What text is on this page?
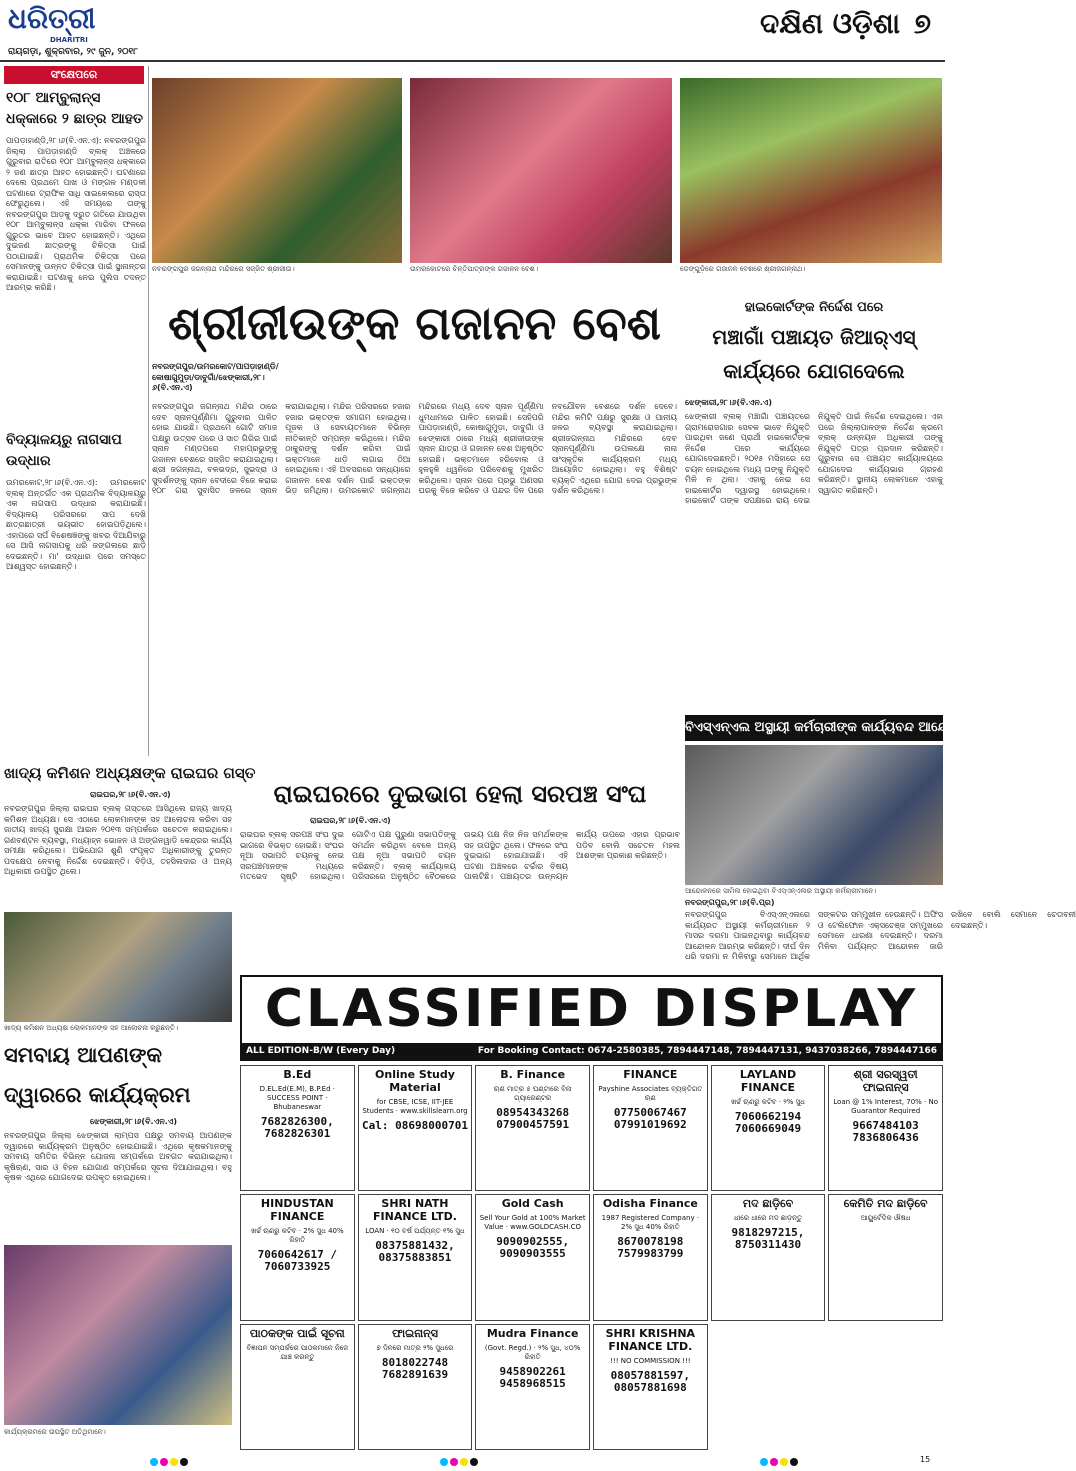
ଧରିତ୍ରୀ
DHARITRI
ରାୟଗଡ଼ା, ଶୁକ୍ରବାର, ୨୯ ଜୁନ, ୨୦୧୮
ଦକ୍ଷିଣ ଓଡ଼ିଶା ୭
ସଂକ୍ଷେପରେ
୧୦୮ ଆମ୍ବୁଲାନ୍ସ ଧକ୍କାରେ ୨ ଛାତ୍ର ଆହତ
ପାପଡ଼ାହାଣ୍ଡି,୨୮।୬(ବି.ଏନ.ଏ): ନବରଙ୍ଗପୁର ଜିଲ୍ଲା ପାପଡ଼ାହାଣ୍ଡି ବ୍ଲକ୍ ଅଞ୍ଚଳରେ ଗୁରୁବାର ରାତିରେ ୧୦୮ ଆମ୍ବୁଲାନ୍ସ ଧକ୍କାରେ ୨ ଜଣ ଛାତ୍ର ଆହତ ହୋଇଛନ୍ତି। ଘଟଣାରେ ଦେଲେ ପ୍ରଥମେ ପାଖ ଓ ମଙ୍ଗଳ ମଣ୍ଡଳୀ ଘଟଣାରେ ଟ୍ରାଫିକ ସାଧି ସାଇକେଲରେ ରାସ୍ତା ଫେରୁଥିଲେ। ଏହି ସମୟରେ ତାଙ୍କୁ ନବରଙ୍ଗପୁର ଆଡ଼କୁ ଦ୍ରୁତ ଗତିରେ ଯାଉଥିବା ୧୦୮ ଆମ୍ବୁଲାନ୍ସ ଧକ୍କା ମାରିବା ଫଳରେ ଗୁରୁତର ଭାବେ ଆହତ ହୋଇଛନ୍ତି। ଏଥିରେ ଦୁଇଜଣ ଛାତ୍ରଙ୍କୁ ଚିକିତ୍ସା ପାଇଁ ପଠାଯାଇଛି। ପ୍ରାଥମିକ ଚିକିତ୍ସା ପରେ ସେମାନଙ୍କୁ ଉନ୍ନତ ଚିକିତ୍ସା ପାଇଁ ସ୍ଥାନାନ୍ତର କରାଯାଇଛି। ଘଟଣାକୁ ନେଇ ପୁଲିସ ତଦନ୍ତ ଆରମ୍ଭ କରିଛି।
ବିଦ୍ୟାଳୟରୁ ନାଗସାପ ଉଦ୍ଧାର
ଉମରକୋଟ,୨୮।୬(ବି.ଏନ.ଏ): ଉମରକୋଟ ବ୍ଲକ୍ ଅନ୍ତର୍ଗତ ଏକ ପ୍ରାଥମିକ ବିଦ୍ୟାଳୟରୁ ଏକ ନାଗସାପ ଉଦ୍ଧାର କରାଯାଇଛି। ବିଦ୍ୟାଳୟ ପରିସରରେ ସାପ ଦେଖି ଛାତ୍ରଛାତ୍ରୀ ଭୟଭୀତ ହୋଇପଡ଼ିଥିଲେ। ଏହାପରେ ସର୍ପ ବିଶେଷଜ୍ଞଙ୍କୁ ଖବର ଦିଆଯିବାରୁ ସେ ଆସି ନାଗସାପକୁ ଧରି ଜଙ୍ଗଲରେ ଛାଡ଼ି ଦେଇଛନ୍ତି। ମା' ଉଦ୍ଧାର ପରେ ସମସ୍ତେ ଆଶ୍ୱସ୍ତ ହୋଇଛନ୍ତି।
ନବରଙ୍ଗପୁର ଜଗନ୍ନାଥ ମନ୍ଦିରରେ ସଜ୍ଜିତ ଶ୍ରୀଜୀଉ।	ଉମରକୋଟରେ ଚିନ୍ତିପାତ୍ରଙ୍କ ଗଜାନନ ବେଶ।	ଡେଙ୍ଗୁଡ଼ିରେ ଗଜାନନ ବେଶରେ ଶ୍ରୀଜଗନ୍ନାଥ।
ଶ୍ରୀଜୀଉଙ୍କ ଗଜାନନ ବେଶ
ନବରଙ୍ଗପୁର/ଉମରକୋଟ/ପାପଡ଼ାହାଣ୍ଡି/କୋଷାଗୁମୁଡ଼ା/ଡାବୁଗାଁ/ଝେଙ୍କାରୀ,୨୮।୬(ବି.ଏନ.ଏ)
ନବରଙ୍ଗପୁର ଜଗନ୍ନାଥ ମନ୍ଦିର ଠାରେ ଦେବ ସ୍ନାନପୂର୍ଣ୍ଣିମା ଗୁରୁବାର ପାଳିତ ହୋଇ ଯାଇଛି। ପ୍ରଥମେ ଗୋଟି ସମାଜ ପକ୍ଷରୁ ଉତ୍ସବ ପରେ ଓ ସାତ ଗିରିର ପାଇଁ ସ୍ନାନ ମଣ୍ଡପରେ ମହାପ୍ରଭୁଙ୍କୁ ଗଜାନନ ବେଶରେ ସଜ୍ଜିତ କରାଯାଇଥିଲା। ଶ୍ରୀ ଜଗନ୍ନାଥ, ବଳଭଦ୍ର, ସୁଭଦ୍ରା ଓ ସୁଦର୍ଶନଙ୍କୁ ସ୍ନାନ ବେଦୀରେ ବିଜେ କରାଇ ୧୦୮ ଗରା ସୁବାସିତ ଜଳରେ ସ୍ନାନ କରାଯାଇଥିଲା। ମନ୍ଦିର ପରିସରରେ ହଜାର ହଜାର ଭକ୍ତଙ୍କ ସମାଗମ ହୋଇଥିଲା। ପୂଜକ ଓ ସେବାୟତମାନେ ବିଭିନ୍ନ ନୀତିକାନ୍ତି ସମ୍ପନ୍ନ କରିଥିଲେ। ମନ୍ଦିର ଠାକୁରଙ୍କୁ ଦର୍ଶନ କରିବା ପାଇଁ ଭକ୍ତମାନେ ଧାଡ଼ି ଲଗାଇ ଠିଆ ହୋଇଥିଲେ। ଏହି ଅବସରରେ ସନ୍ଧ୍ୟାରେ ଗଜାନନ ବେଶ ଦର୍ଶନ ପାଇଁ ଭକ୍ତଙ୍କ ଭିଡ଼ ଜମିଥିଲା। ଉମରକୋଟ ଜଗନ୍ନାଥ ମନ୍ଦିରରେ ମଧ୍ୟ ଦେବ ସ୍ନାନ ପୂର୍ଣ୍ଣିମା ଧୁମଧାମରେ ପାଳିତ ହୋଇଛି। ସେହିପରି ପାପଡ଼ାହାଣ୍ଡି, କୋଷାଗୁମୁଡ଼ା, ଡାବୁଗାଁ ଓ ଝେଙ୍କାରୀ ଠାରେ ମଧ୍ୟ ଶ୍ରୀଜୀଉଙ୍କ ସ୍ନାନ ଯାତ୍ରା ଓ ଗଜାନନ ବେଶ ଅନୁଷ୍ଠିତ ହୋଇଛି। ଭକ୍ତମାନେ ହରିବୋଲ ଓ ହୁଳହୁଳି ଧ୍ୱନିରେ ପରିବେଶକୁ ମୁଖରିତ କରିଥିଲେ। ସ୍ନାନ ପରେ ପ୍ରଭୁ ଅଣସର ଘରକୁ ବିଜେ କରିବେ ଓ ପନ୍ଦର ଦିନ ପରେ ନବଯୌବନ ବେଶରେ ଦର୍ଶନ ଦେବେ। ମନ୍ଦିର କମିଟି ପକ୍ଷରୁ ସୁରକ୍ଷା ଓ ପାନୀୟ ଜଳର ବ୍ୟବସ୍ଥା କରାଯାଇଥିଲା। ଶ୍ରୀଜଗନ୍ନାଥ ମନ୍ଦିରରେ ଦେବ ସ୍ନାନପୂର୍ଣ୍ଣିମା ଉପଲକ୍ଷେ ନାନା ସାଂସ୍କୃତିକ କାର୍ଯ୍ୟକ୍ରମ ମଧ୍ୟ ଆୟୋଜିତ ହୋଇଥିଲା। ବହୁ ବିଶିଷ୍ଟ ବ୍ୟକ୍ତି ଏଥିରେ ଯୋଗ ଦେଇ ପ୍ରଭୁଙ୍କ ଦର୍ଶନ କରିଥିଲେ।
ହାଇକୋର୍ଟଙ୍କ ନିର୍ଦ୍ଦେଶ ପରେ
ମଞ୍ଚାଗାଁ ପଞ୍ଚାୟତ ଜିଆର୍‌ଏସ୍ କାର୍ଯ୍ୟରେ ଯୋଗଦେଲେ
ଝେଙ୍କାରୀ,୨୮।୬(ବି.ଏନ.ଏ)
ଝେଙ୍କାରୀ ବ୍ଲକ୍ ମଞ୍ଚାଗାଁ ପଞ୍ଚାୟତରେ ଗ୍ରାମରୋଜଗାର ସେବକ ଭାବେ ନିଯୁକ୍ତି ପାଇଥିବା ଜଣେ ପ୍ରାର୍ଥୀ ହାଇକୋର୍ଟଙ୍କ ନିର୍ଦ୍ଦେଶ ପରେ କାର୍ଯ୍ୟରେ ଯୋଗଦେଇଛନ୍ତି। ୨୦୧୫ ମସିହାରେ ସେ ଚୟନ ହୋଇଥିଲେ ମଧ୍ୟ ତାଙ୍କୁ ନିଯୁକ୍ତି ମିଳି ନ ଥିଲା। ଏହାକୁ ନେଇ ସେ ହାଇକୋର୍ଟର ଦ୍ୱାରସ୍ଥ ହୋଇଥିଲେ। ହାଇକୋର୍ଟ ତାଙ୍କ ସପକ୍ଷରେ ରାୟ ଦେଇ ନିଯୁକ୍ତି ପାଇଁ ନିର୍ଦ୍ଦେଶ ଦେଇଥିଲେ। ଏହା ପରେ ଜିଲ୍ଲାପାଳଙ୍କ ନିର୍ଦ୍ଦେଶ କ୍ରମେ ବ୍ଲକ୍ ଉନ୍ନୟନ ଅଧିକାରୀ ତାଙ୍କୁ ନିଯୁକ୍ତି ପତ୍ର ପ୍ରଦାନ କରିଛନ୍ତି। ଗୁରୁବାର ସେ ପଞ୍ଚାୟତ କାର୍ଯ୍ୟାଳୟରେ ଯୋଗଦେଇ କାର୍ଯ୍ୟଭାର ଗ୍ରହଣ କରିଛନ୍ତି। ସ୍ଥାନୀୟ ଲୋକମାନେ ଏହାକୁ ସ୍ୱାଗତ କରିଛନ୍ତି।
ବିଏସ୍‌ଏନ୍‌ଏଲ ଅସ୍ଥାୟୀ କର୍ମଚାରୀଙ୍କ କାର୍ଯ୍ୟବନ୍ଦ ଆନ୍ଦୋଳନ
ଆନ୍ଦୋଳନରେ ସାମିଲ ହୋଇଥିବା ବିଏସ୍‌ଏନ୍‌ଏଲର ଅସ୍ଥାୟୀ କର୍ମଚାରୀମାନେ।
ନବରଙ୍ଗପୁର,୨୮।୬(ବି.ପ୍ର)
ନବରଙ୍ଗପୁର ବିଏସ୍‌ଏନ୍‌ଏଲରେ କାର୍ଯ୍ୟରତ ଅସ୍ଥାୟୀ କର୍ମଚାରୀମାନେ ୨ ମାସର ଦରମା ପାଇନଥିବାରୁ କାର୍ଯ୍ୟବନ୍ଦ ଆନ୍ଦୋଳନ ଆରମ୍ଭ କରିଛନ୍ତି। ଦୀର୍ଘ ଦିନ ଧରି ଦରମା ନ ମିଳିବାରୁ ସେମାନେ ଆର୍ଥିକ ସଙ୍କଟର ସମ୍ମୁଖୀନ ହେଉଛନ୍ତି। ଅଫିସ ଓ ଟେଲିଫୋନ ଏକ୍ସଚେଞ୍ଜ ସମ୍ମୁଖରେ ସେମାନେ ଧାରଣା ଦେଇଛନ୍ତି। ଦରମା ମିଳିବା ପର୍ଯ୍ୟନ୍ତ ଆନ୍ଦୋଳନ ଜାରି ରଖିବେ ବୋଲି ସେମାନେ ଚେତାବନୀ ଦେଇଛନ୍ତି।
ଖାଦ୍ୟ କମିଶନ ଅଧ୍ୟକ୍ଷଙ୍କ ରାଇଘର ଗସ୍ତ
ରାଇଘର,୨୮।୬(ବି.ଏନ.ଏ)
ନବରଙ୍ଗପୁର ଜିଲ୍ଲା ରାଇଘର ବ୍ଲକ୍ ଗସ୍ତରେ ଆସିଥିଲେ ରାଜ୍ୟ ଖାଦ୍ୟ କମିଶନ ଅଧ୍ୟକ୍ଷ। ସେ ଏଠାରେ ଲୋକମାନଙ୍କ ସହ ଆଲୋଚନା କରିବା ସହ ଜାତୀୟ ଖାଦ୍ୟ ସୁରକ୍ଷା ଆଇନ ୨୦୧୩ ସମ୍ପର୍କରେ ସଚେତନ କରାଇଥିଲେ। ଗଣବଣ୍ଟନ ବ୍ୟବସ୍ଥା, ମଧ୍ୟାହ୍ନ ଭୋଜନ ଓ ଅଙ୍ଗନୱାଡ଼ି କେନ୍ଦ୍ରର କାର୍ଯ୍ୟ ସମୀକ୍ଷା କରିଥିଲେ। ଅଭିଯୋଗ ଶୁଣି ସଂପୃକ୍ତ ଅଧିକାରୀଙ୍କୁ ତୁରନ୍ତ ପଦକ୍ଷେପ ନେବାକୁ ନିର୍ଦ୍ଦେଶ ଦେଇଛନ୍ତି। ବିଡ଼ିଓ, ତହସିଲଦାର ଓ ଅନ୍ୟ ଅଧିକାରୀ ଉପସ୍ଥିତ ଥିଲେ।
ଖାଦ୍ୟ କମିଶନ ଅଧ୍ୟକ୍ଷ ଲୋକମାନଙ୍କ ସହ ଆଲୋଚନା କରୁଛନ୍ତି।
ରାଇଘରରେ ଦୁଇଭାଗ ହେଲା ସରପଞ୍ଚ ସଂଘ
ରାଇଘର,୨୮।୬(ବି.ଏନ.ଏ)
ରାଇଘର ବ୍ଲକ୍ ସରପଞ୍ଚ ସଂଘ ଦୁଇ ଭାଗରେ ବିଭକ୍ତ ହୋଇଛି। ସଂଘର ନୂଆ ସଭାପତି ଚୟନକୁ ନେଇ ସରପଞ୍ଚମାନଙ୍କ ମଧ୍ୟରେ ମତଭେଦ ସୃଷ୍ଟି ହୋଇଥିଲା। ଗୋଟିଏ ପକ୍ଷ ପୁରୁଣା ସଭାପତିଙ୍କୁ ସମର୍ଥନ କରିଥିବା ବେଳେ ଅନ୍ୟ ପକ୍ଷ ନୂଆ ସଭାପତି ଚୟନ କରିଛନ୍ତି। ବ୍ଲକ୍ କାର୍ଯ୍ୟାଳୟ ପରିସରରେ ଅନୁଷ୍ଠିତ ବୈଠକରେ ଉଭୟ ପକ୍ଷ ନିଜ ନିଜ ସମର୍ଥକଙ୍କ ସହ ଉପସ୍ଥିତ ଥିଲେ। ଫଳରେ ସଂଘ ଦୁଇଭାଗ ହୋଇଯାଇଛି। ଏହି ଘଟଣା ଅଞ୍ଚଳରେ ଚର୍ଚ୍ଚାର ବିଷୟ ପାଲଟିଛି। ପଞ୍ଚାୟତର ଉନ୍ନୟନ କାର୍ଯ୍ୟ ଉପରେ ଏହାର ପ୍ରଭାବ ପଡ଼ିବ ବୋଲି ସଚେତନ ମହଲ ଆଶଙ୍କା ପ୍ରକାଶ କରିଛନ୍ତି।
ସମବାୟ ଆପଣଙ୍କ ଦ୍ୱାରରେ କାର୍ଯ୍ୟକ୍ରମ
ଝେଙ୍କାରୀ,୨୮।୬(ବି.ଏନ.ଏ)
ନବରଙ୍ଗପୁର ଜିଲ୍ଲା ଝେଙ୍କାରୀ ଲାମ୍ପସ ପକ୍ଷରୁ ସମବାୟ ଆପଣଙ୍କ ଦ୍ୱାରରେ କାର୍ଯ୍ୟକ୍ରମ ଅନୁଷ୍ଠିତ ହୋଇଯାଇଛି। ଏଥିରେ କୃଷକମାନଙ୍କୁ ସମବାୟ ସମିତିର ବିଭିନ୍ନ ଯୋଜନା ସମ୍ପର୍କରେ ଅବଗତ କରାଯାଇଥିଲା। କୃଷିଋଣ, ସାର ଓ ବିହନ ଯୋଗାଣ ସମ୍ପର୍କରେ ସୂଚନା ଦିଆଯାଇଥିଲା। ବହୁ କୃଷକ ଏଥିରେ ଯୋଗଦେଇ ଉପକୃତ ହୋଇଥିଲେ।
କାର୍ଯ୍ୟକ୍ରମରେ ଉପସ୍ଥିତ ଅତିଥିମାନେ।
CLASSIFIED DISPLAY
ALL EDITION-B/W (Every Day)	For Booking Contact: 0674-2580385, 7894447148, 7894447131, 9437038266, 7894447166
B.Ed
D.EL.Ed(E.M), B.P.Ed · SUCCESS POINT · Bhubaneswar
7682826300, 7682826301
Online Study Material
for CBSE, ICSE, IIT-JEE Students · www.skillslearn.org
Cal: 08698000701
B. Finance
ଋଣ ମାତ୍ର ୫ ଘଣ୍ଟାରେ ବିନା ଗ୍ୟାରେଣ୍ଟର
08954343268 07900457591
FINANCE
Payshine Associates ବ୍ୟକ୍ତିଗତ ଋଣ
07750067467 07991019692
LAYLAND FINANCE
ଖର୍ଚ୍ଚ ଋଣରୁ କଟିବ · ୨% ସୁଧ
7060662194 7060669049
ଶ୍ରୀ ସରସ୍ୱତୀ ଫାଇନାନ୍ସ
Loan @ 1% Interest, 70% · No Guarantor Required
9667484103 7836806436
HINDUSTAN FINANCE
ଖର୍ଚ୍ଚ ଋଣରୁ କଟିବ · 2% ସୁଧ 40% ରିହାତି
7060642617 / 7060733925
SHRI NATH FINANCE LTD.
LOAN · ୧୦ ବର୍ଷ ପର୍ଯ୍ୟନ୍ତ ୧% ସୁଧ
08375881432, 08375883851
Gold Cash
Sell Your Gold at 100% Market Value · www.GOLDCASH.CO
9090902555, 9090903555
Odisha Finance
1987 Registered Company · 2% ସୁଧ 40% ରିହାତି
8670078198 7579983799
ମଦ ଛାଡ଼ିବେ
ଧୀରେ ଧୀରେ ମଦ ଛାଡ଼ନ୍ତୁ
9818297215, 8750311430
କେମିତି ମଦ ଛାଡ଼ିବେ
ଆୟୁର୍ବେଦିକ ଔଷଧ
ପାଠକଙ୍କ ପାଇଁ ସୂଚନା
ବିଜ୍ଞାପନ ସମ୍ପର୍କରେ ପାଠକମାନେ ନିଜେ ଯାଞ୍ଚ କରନ୍ତୁ
ଫାଇନାନ୍ସ
୭ ଦିନରେ ମାତ୍ର ୨% ସୁଧରେ
8018022748 7682891639
Mudra Finance
(Govt. Regd.) · ୨% ସୁଧ, ୪୦% ରିହାତି
9458902261 9458968515
SHRI KRISHNA FINANCE LTD.
!!! NO COMMISSION !!!
08057881597, 08057881698
15
